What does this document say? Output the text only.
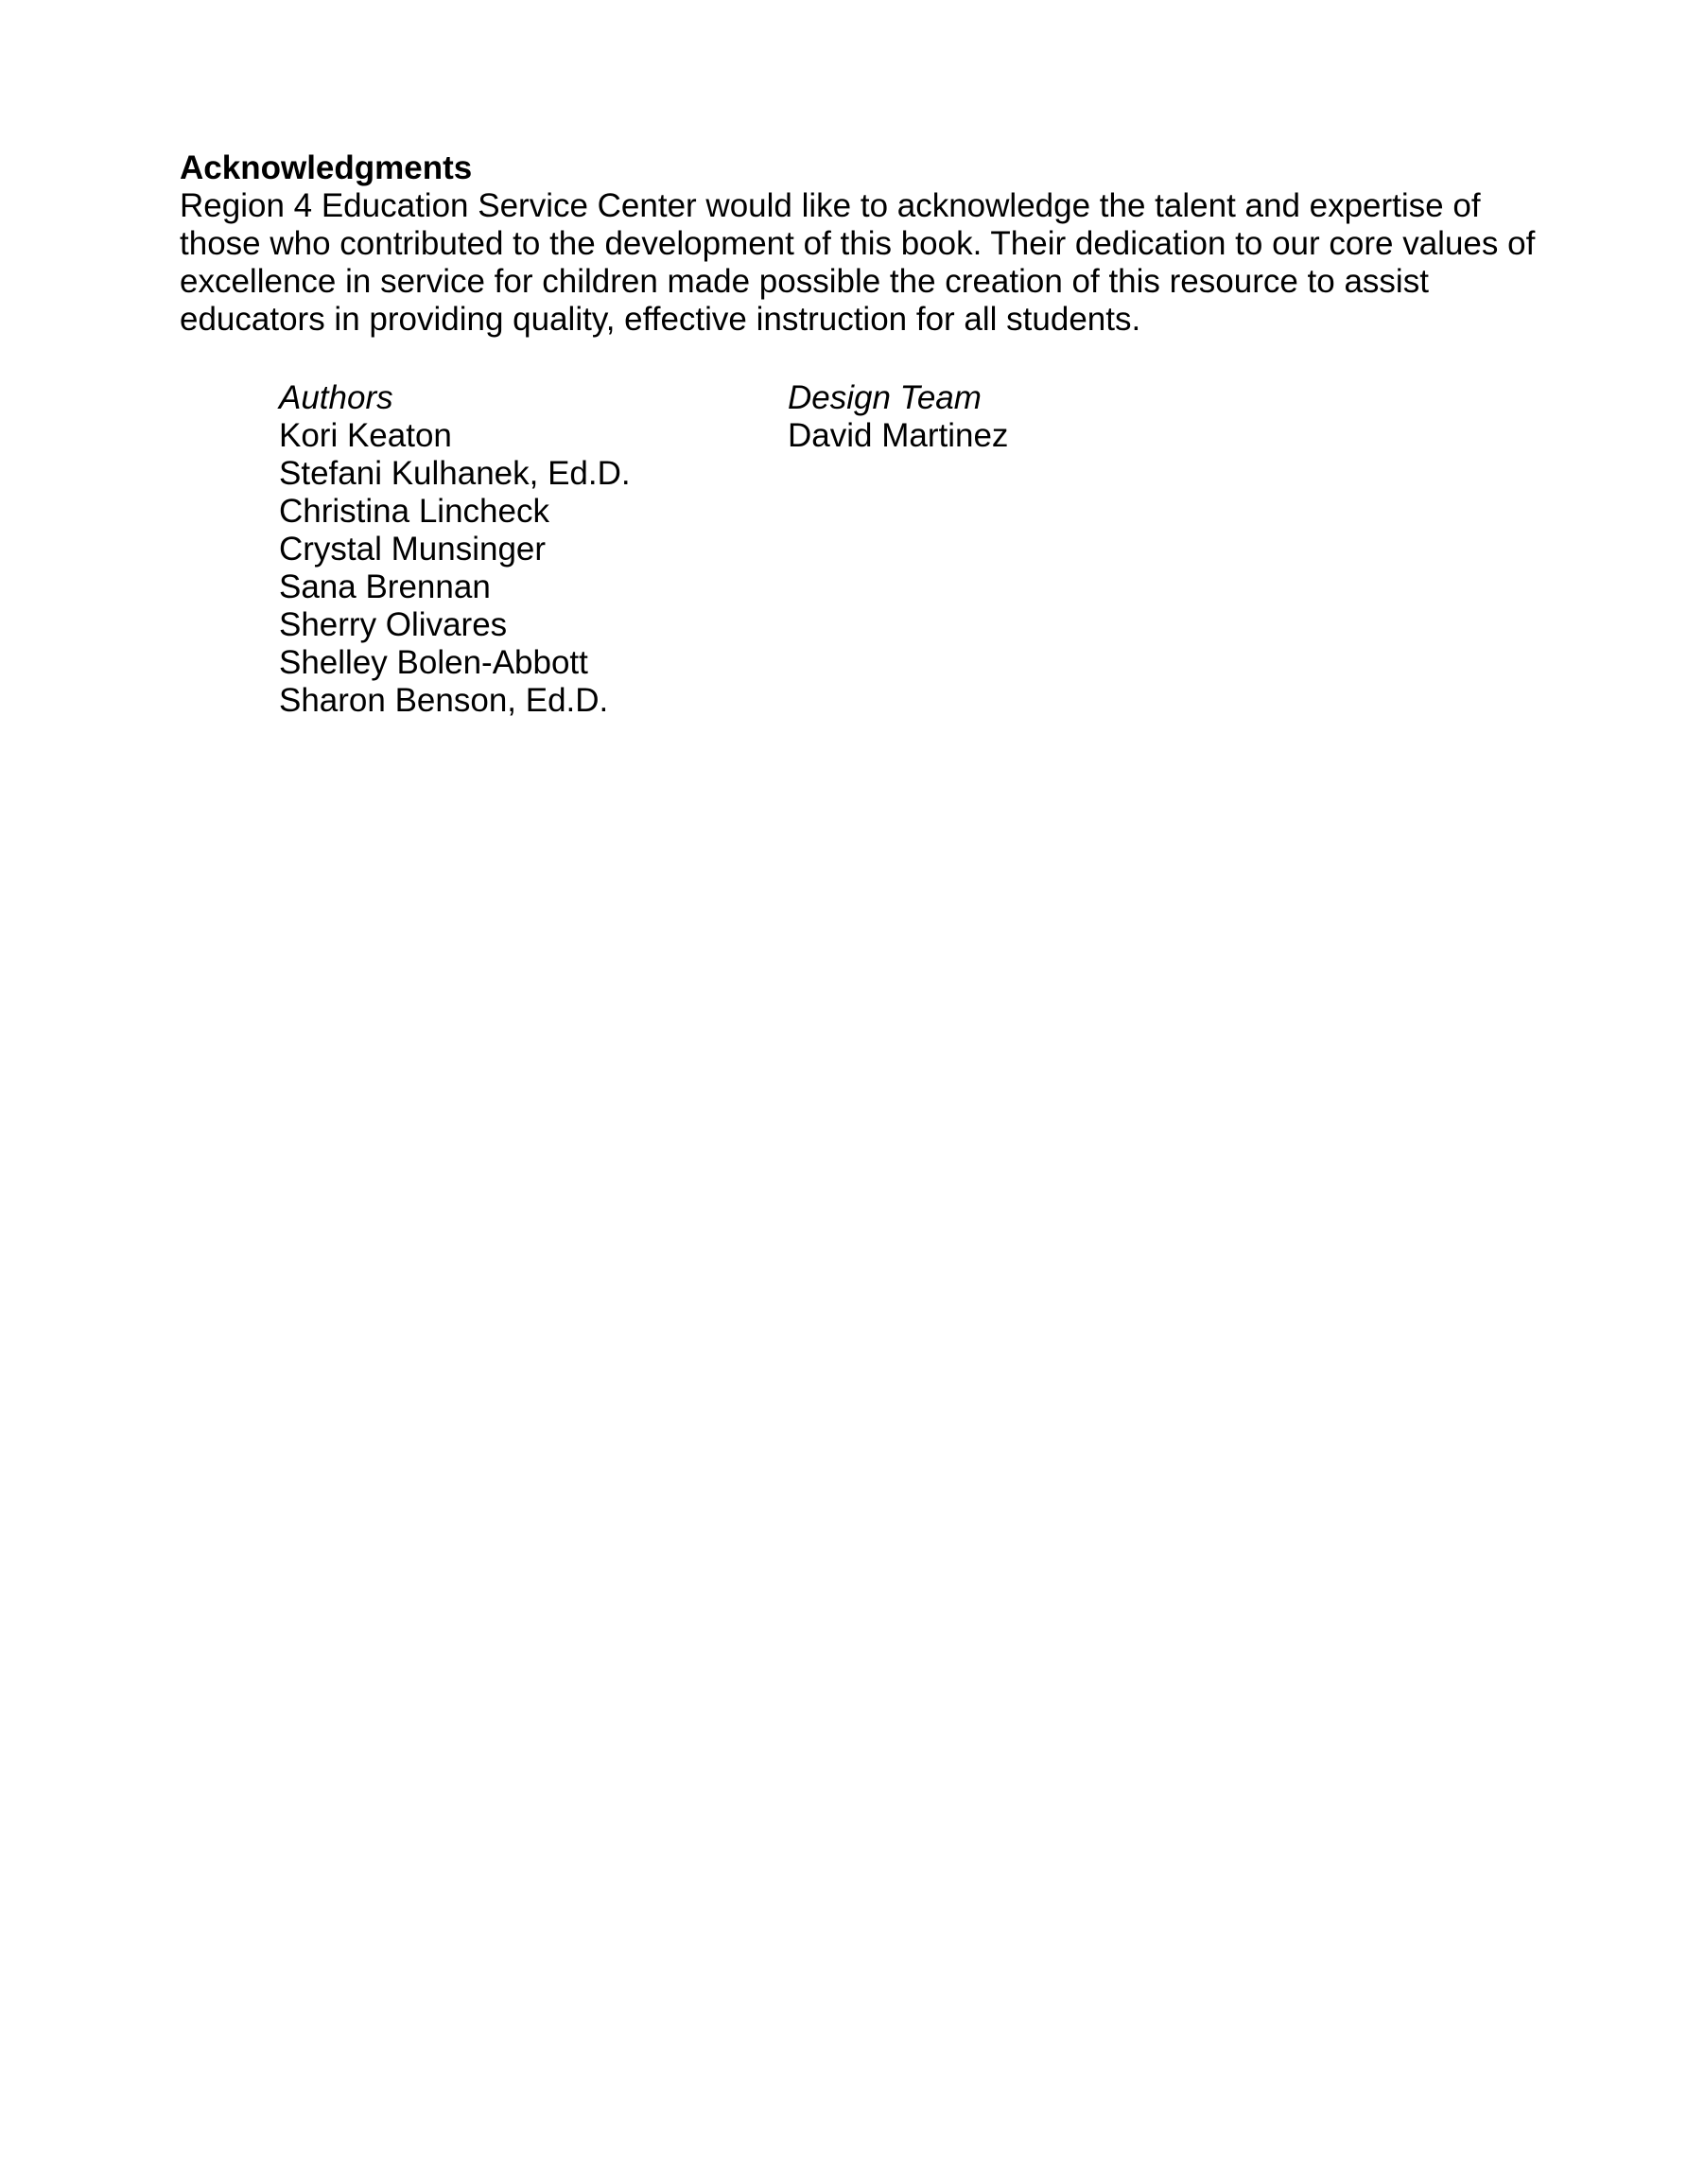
Acknowledgments

Region 4 Education Service Center would like to acknowledge the talent and expertise of those who contributed to the development of this book. Their dedication to our core values of excellence in service for children made possible the creation of this resource to assist educators in providing quality, effective instruction for all students.

Authors
Kori Keaton
Stefani Kulhanek, Ed.D.
Christina Lincheck
Crystal Munsinger
Sana Brennan
Sherry Olivares
Shelley Bolen-Abbott
Sharon Benson, Ed.D.
Design Team
David Martinez
